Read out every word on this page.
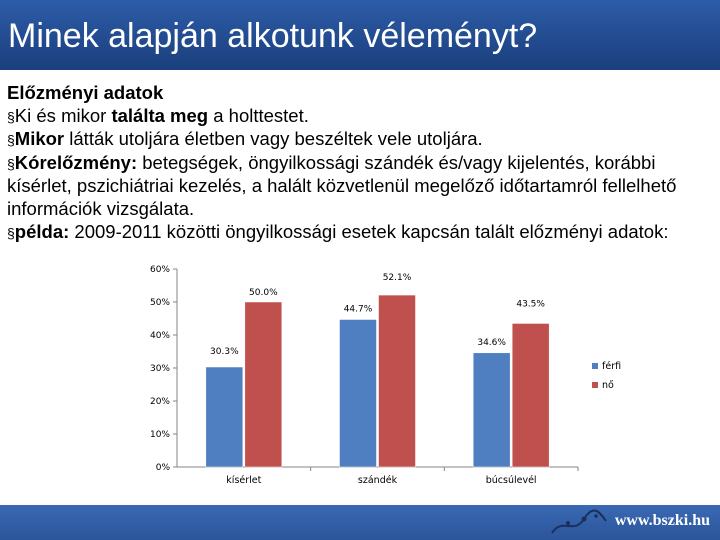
Minek alapján alkotunk véleményt?

Előzményi adatok

§Ki és mikor találta meg a holttestet.

§Mikor látták utoljára életben vagy beszéltek vele utoljára.

§Kórelőzmény: betegségek, öngyilkossági szándék és/vagy kijelentés, korábbi kísérlet, pszichiátriai kezelés, a halált közvetlenül megelőző időtartamról fellelhető információk vizsgálata.

§példa: 2009-2011 közötti öngyilkossági esetek kapcsán talált előzményi adatok:

0%
10%
20%
30%
40%
50%
60%
kísérlet	szándék	búcsúlevél
30.3%
50.0%
44.7%
52.1%
34.6%
43.5%
férfi
nő
www.bszki.hu
